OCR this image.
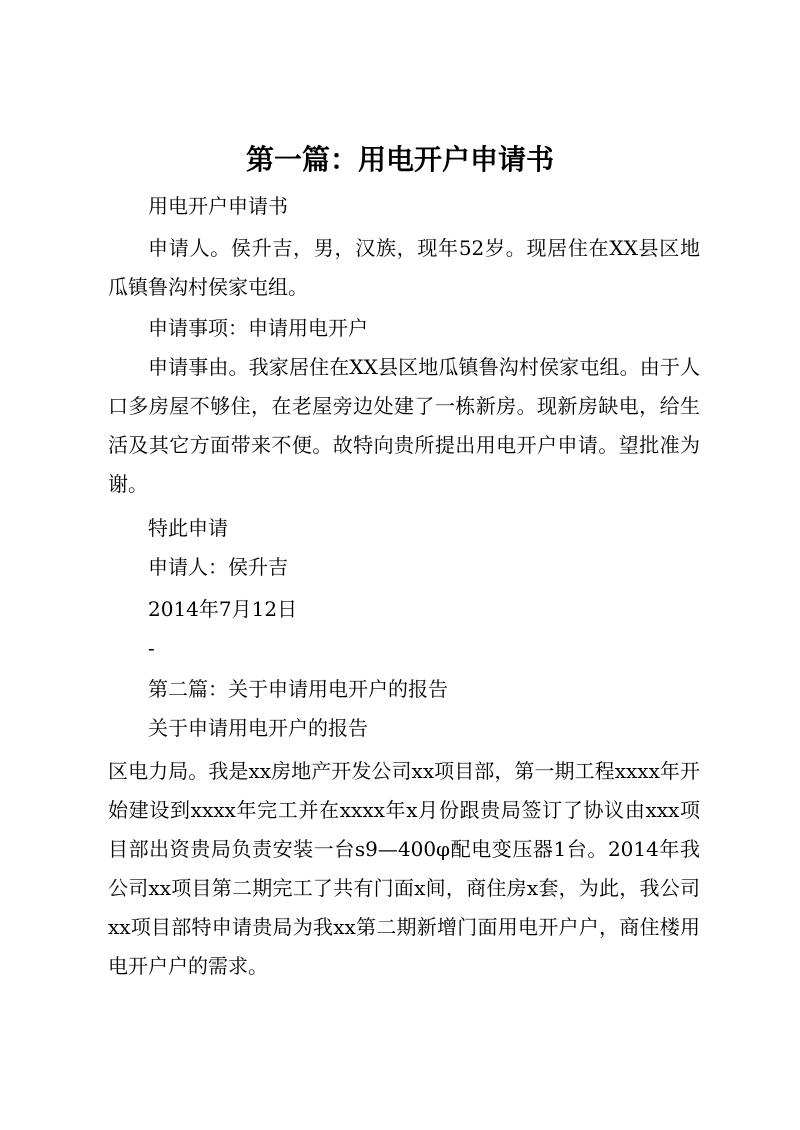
第一篇：用电开户申请书
用电开户申请书
申请人。侯升吉，男，汉族，现年52岁。现居住在XX县区地瓜镇鲁沟村侯家屯组。
申请事项：申请用电开户
申请事由。我家居住在XX县区地瓜镇鲁沟村侯家屯组。由于人口多房屋不够住，在老屋旁边处建了一栋新房。现新房缺电，给生活及其它方面带来不便。故特向贵所提出用电开户申请。望批准为谢。
特此申请
申请人：侯升吉
2014年7月12日
-
第二篇：关于申请用电开户的报告
关于申请用电开户的报告
区电力局。我是xx房地产开发公司xx项目部，第一期工程xxxx年开始建设到xxxx年完工并在xxxx年x月份跟贵局签订了协议由xxx项目部出资贵局负责安装一台s9—400φ配电变压器1台。2014年我公司xx项目第二期完工了共有门面x间，商住房x套，为此，我公司xx项目部特申请贵局为我xx第二期新增门面用电开户户，商住楼用电开户户的需求。
